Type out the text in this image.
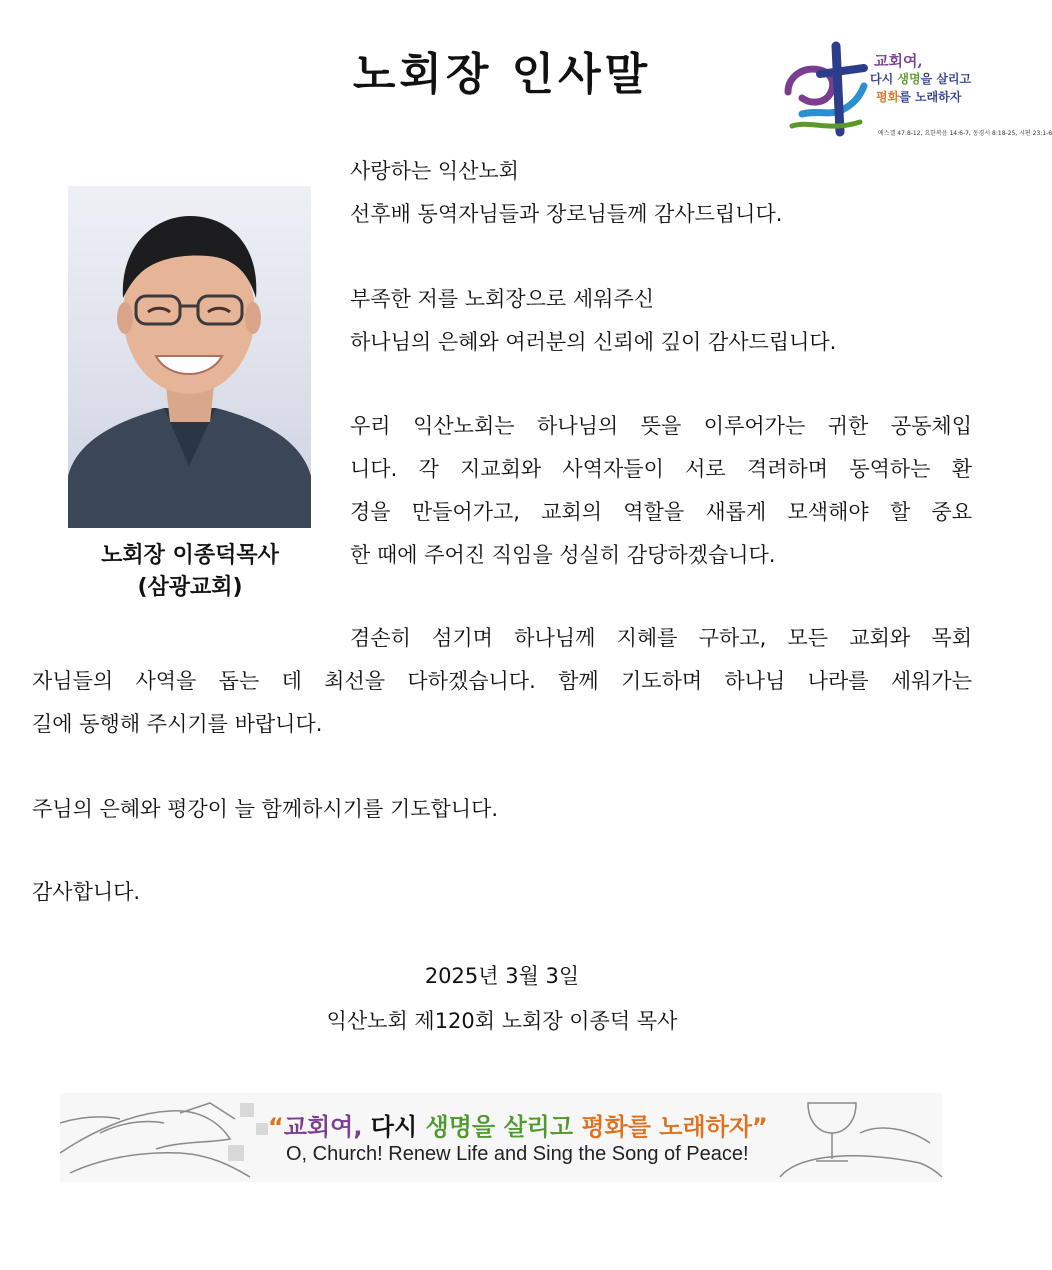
노회장 인사말	교회여,
다시 생명을 살리고
평화를 노래하자
예스겔 47:8-12, 요한복음 14:6-7, 동경서 8:18-25, 시편 23:1-6
노회장 이종덕목사
(삼광교회)
사랑하는 익산노회
선후배 동역자님들과 장로님들께 감사드립니다.
부족한 저를 노회장으로 세워주신
하나님의 은혜와 여러분의 신뢰에 깊이 감사드립니다.
우리 익산노회는 하나님의 뜻을 이루어가는 귀한 공동체입
니다. 각 지교회와 사역자들이 서로 격려하며 동역하는 환
경을 만들어가고, 교회의 역할을 새롭게 모색해야 할 중요
한 때에 주어진 직임을 성실히 감당하겠습니다.
겸손히 섬기며 하나님께 지혜를 구하고, 모든 교회와 목회
자님들의 사역을 돕는 데 최선을 다하겠습니다. 함께 기도하며 하나님 나라를 세워가는
길에 동행해 주시기를 바랍니다.
주님의 은혜와 평강이 늘 함께하시기를 기도합니다.
감사합니다.
2025년 3월 3일
익산노회 제120회 노회장 이종덕 목사
“교회여, 다시 생명을 살리고 평화를 노래하자”
O, Church! Renew Life and Sing the Song of Peace!
